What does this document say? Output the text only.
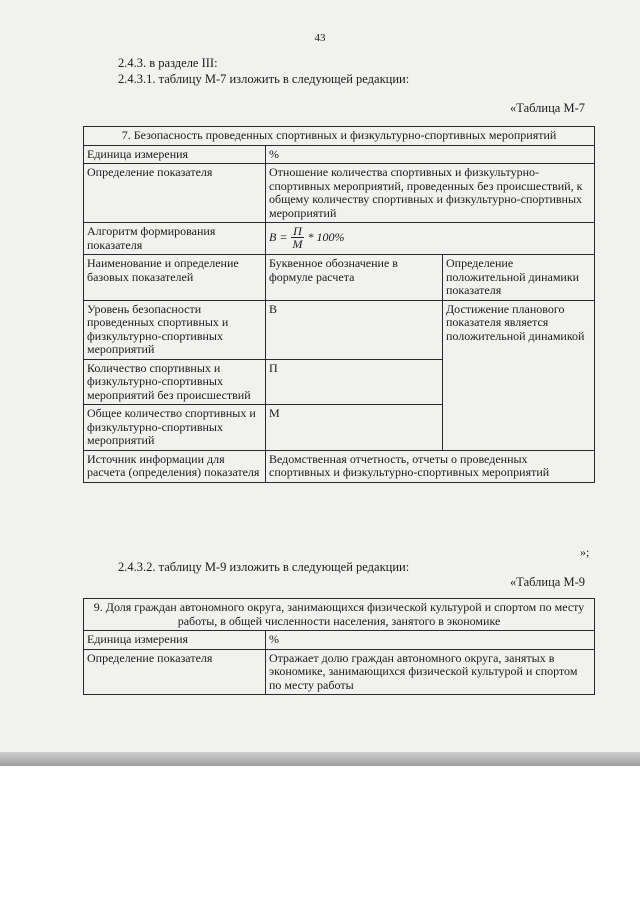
43
2.4.3. в разделе III:
2.4.3.1. таблицу М-7 изложить в следующей редакции:
«Таблица М-7
7. Безопасность проведенных спортивных и физкультурно-спортивных мероприятий		
Единица измерения	%	
Определение показателя	Отношение количества спортивных и физкультурно-спортивных мероприятий, проведенных без происшествий, к общему количеству спортивных и физкультурно-спортивных мероприятий	
Алгоритм формирования показателя	$B = \frac{П}{M} * 100\%$	

Наименование и определение базовых показателей	Буквенное обозначение в формуле расчета	Определение положительной динамики показателя
Уровень безопасности проведенных спортивных и физкультурно-спортивных мероприятий	В	Достижение планового показателя является положительной динамикой
Количество спортивных и физкультурно-спортивных мероприятий без происшествий	П	
Общее количество спортивных и физкультурно-спортивных мероприятий	М	
Источник информации для расчета (определения) показателя	Ведомственная отчетность, отчеты о проведенных спортивных и физкультурно-спортивных мероприятий	
»;
2.4.3.2. таблицу М-9 изложить в следующей редакции:
«Таблица М-9
9. Доля граждан автономного округа, занимающихся физической культурой и спортом по месту работы, в общей численности населения, занятого в экономике	
Единица измерения	%
Определение показателя	Отражает долю граждан автономного округа, занятых в экономике, занимающихся физической культурой и спортом по месту работы
